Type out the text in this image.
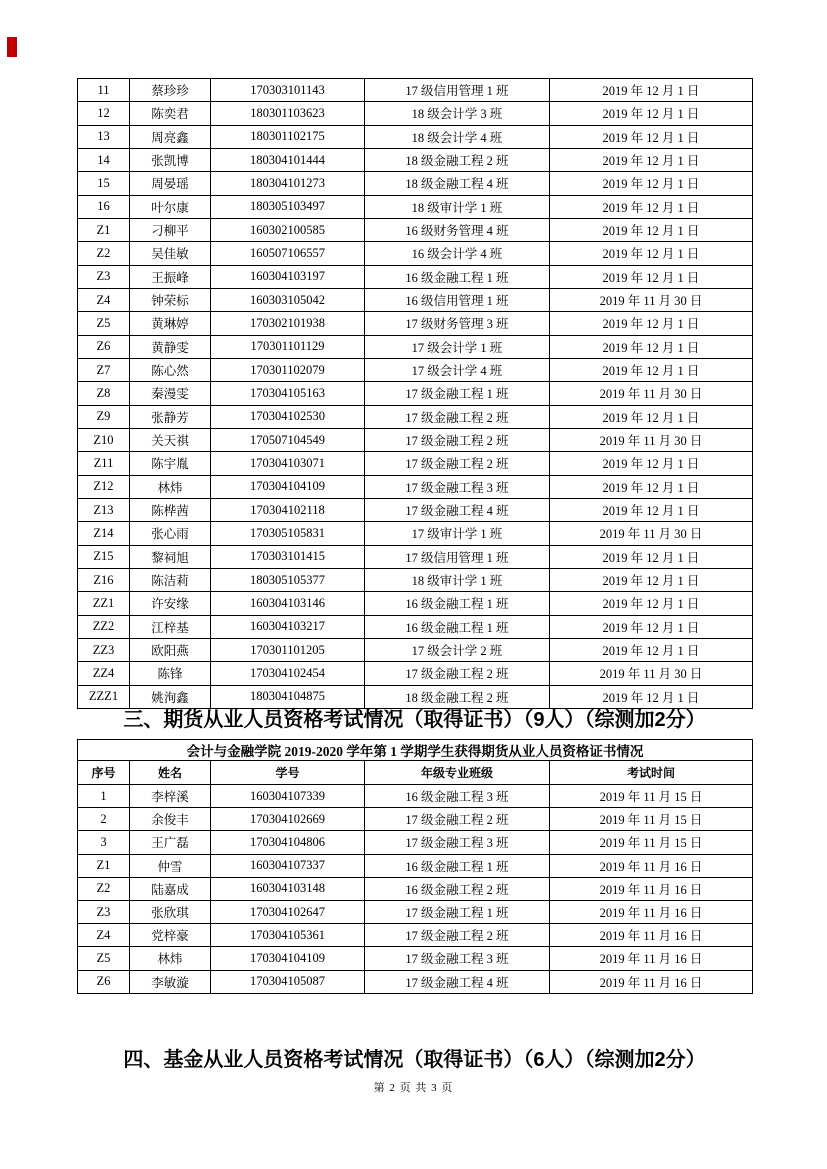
11	蔡珍珍	170303101143	17 级信用管理 1 班	2019 年 12 月 1 日
12	陈奕君	180301103623	18 级会计学 3 班	2019 年 12 月 1 日
13	周亮鑫	180301102175	18 级会计学 4 班	2019 年 12 月 1 日
14	张凯博	180304101444	18 级金融工程 2 班	2019 年 12 月 1 日
15	周晏瑶	180304101273	18 级金融工程 4 班	2019 年 12 月 1 日
16	叶尔康	180305103497	18 级审计学 1 班	2019 年 12 月 1 日
Z1	刁柳平	160302100585	16 级财务管理 4 班	2019 年 12 月 1 日
Z2	吴佳敏	160507106557	16 级会计学 4 班	2019 年 12 月 1 日
Z3	王振峰	160304103197	16 级金融工程 1 班	2019 年 12 月 1 日
Z4	钟荣标	160303105042	16 级信用管理 1 班	2019 年 11 月 30 日
Z5	黄琳婷	170302101938	17 级财务管理 3 班	2019 年 12 月 1 日
Z6	黄静雯	170301101129	17 级会计学 1 班	2019 年 12 月 1 日
Z7	陈心然	170301102079	17 级会计学 4 班	2019 年 12 月 1 日
Z8	秦漫雯	170304105163	17 级金融工程 1 班	2019 年 11 月 30 日
Z9	张静芳	170304102530	17 级金融工程 2 班	2019 年 12 月 1 日
Z10	关天祺	170507104549	17 级金融工程 2 班	2019 年 11 月 30 日
Z11	陈宇胤	170304103071	17 级金融工程 2 班	2019 年 12 月 1 日
Z12	林炜	170304104109	17 级金融工程 3 班	2019 年 12 月 1 日
Z13	陈桦茜	170304102118	17 级金融工程 4 班	2019 年 12 月 1 日
Z14	张心雨	170305105831	17 级审计学 1 班	2019 年 11 月 30 日
Z15	黎祠旭	170303101415	17 级信用管理 1 班	2019 年 12 月 1 日
Z16	陈洁莉	180305105377	18 级审计学 1 班	2019 年 12 月 1 日
ZZ1	许安缘	160304103146	16 级金融工程 1 班	2019 年 12 月 1 日
ZZ2	江梓基	160304103217	16 级金融工程 1 班	2019 年 12 月 1 日
ZZ3	欧阳燕	170301101205	17 级会计学 2 班	2019 年 12 月 1 日
ZZ4	陈锋	170304102454	17 级金融工程 2 班	2019 年 11 月 30 日
ZZZ1	姚洵鑫	180304104875	18 级金融工程 2 班	2019 年 12 月 1 日
三、期货从业人员资格考试情况（取得证书）（9人）（综测加2分）
会计与金融学院 2019-2020 学年第 1 学期学生获得期货从业人员资格证书情况				
序号	姓名	学号	年级专业班级	考试时间
1	李梓溪	160304107339	16 级金融工程 3 班	2019 年 11 月 15 日
2	余俊丰	170304102669	17 级金融工程 2 班	2019 年 11 月 15 日
3	王广磊	170304104806	17 级金融工程 3 班	2019 年 11 月 15 日
Z1	仲雪	160304107337	16 级金融工程 1 班	2019 年 11 月 16 日
Z2	陆嘉成	160304103148	16 级金融工程 2 班	2019 年 11 月 16 日
Z3	张欣琪	170304102647	17 级金融工程 1 班	2019 年 11 月 16 日
Z4	党梓豪	170304105361	17 级金融工程 2 班	2019 年 11 月 16 日
Z5	林炜	170304104109	17 级金融工程 3 班	2019 年 11 月 16 日
Z6	李敏漩	170304105087	17 级金融工程 4 班	2019 年 11 月 16 日
四、基金从业人员资格考试情况（取得证书）（6人）（综测加2分）
第 2 页 共 3 页
